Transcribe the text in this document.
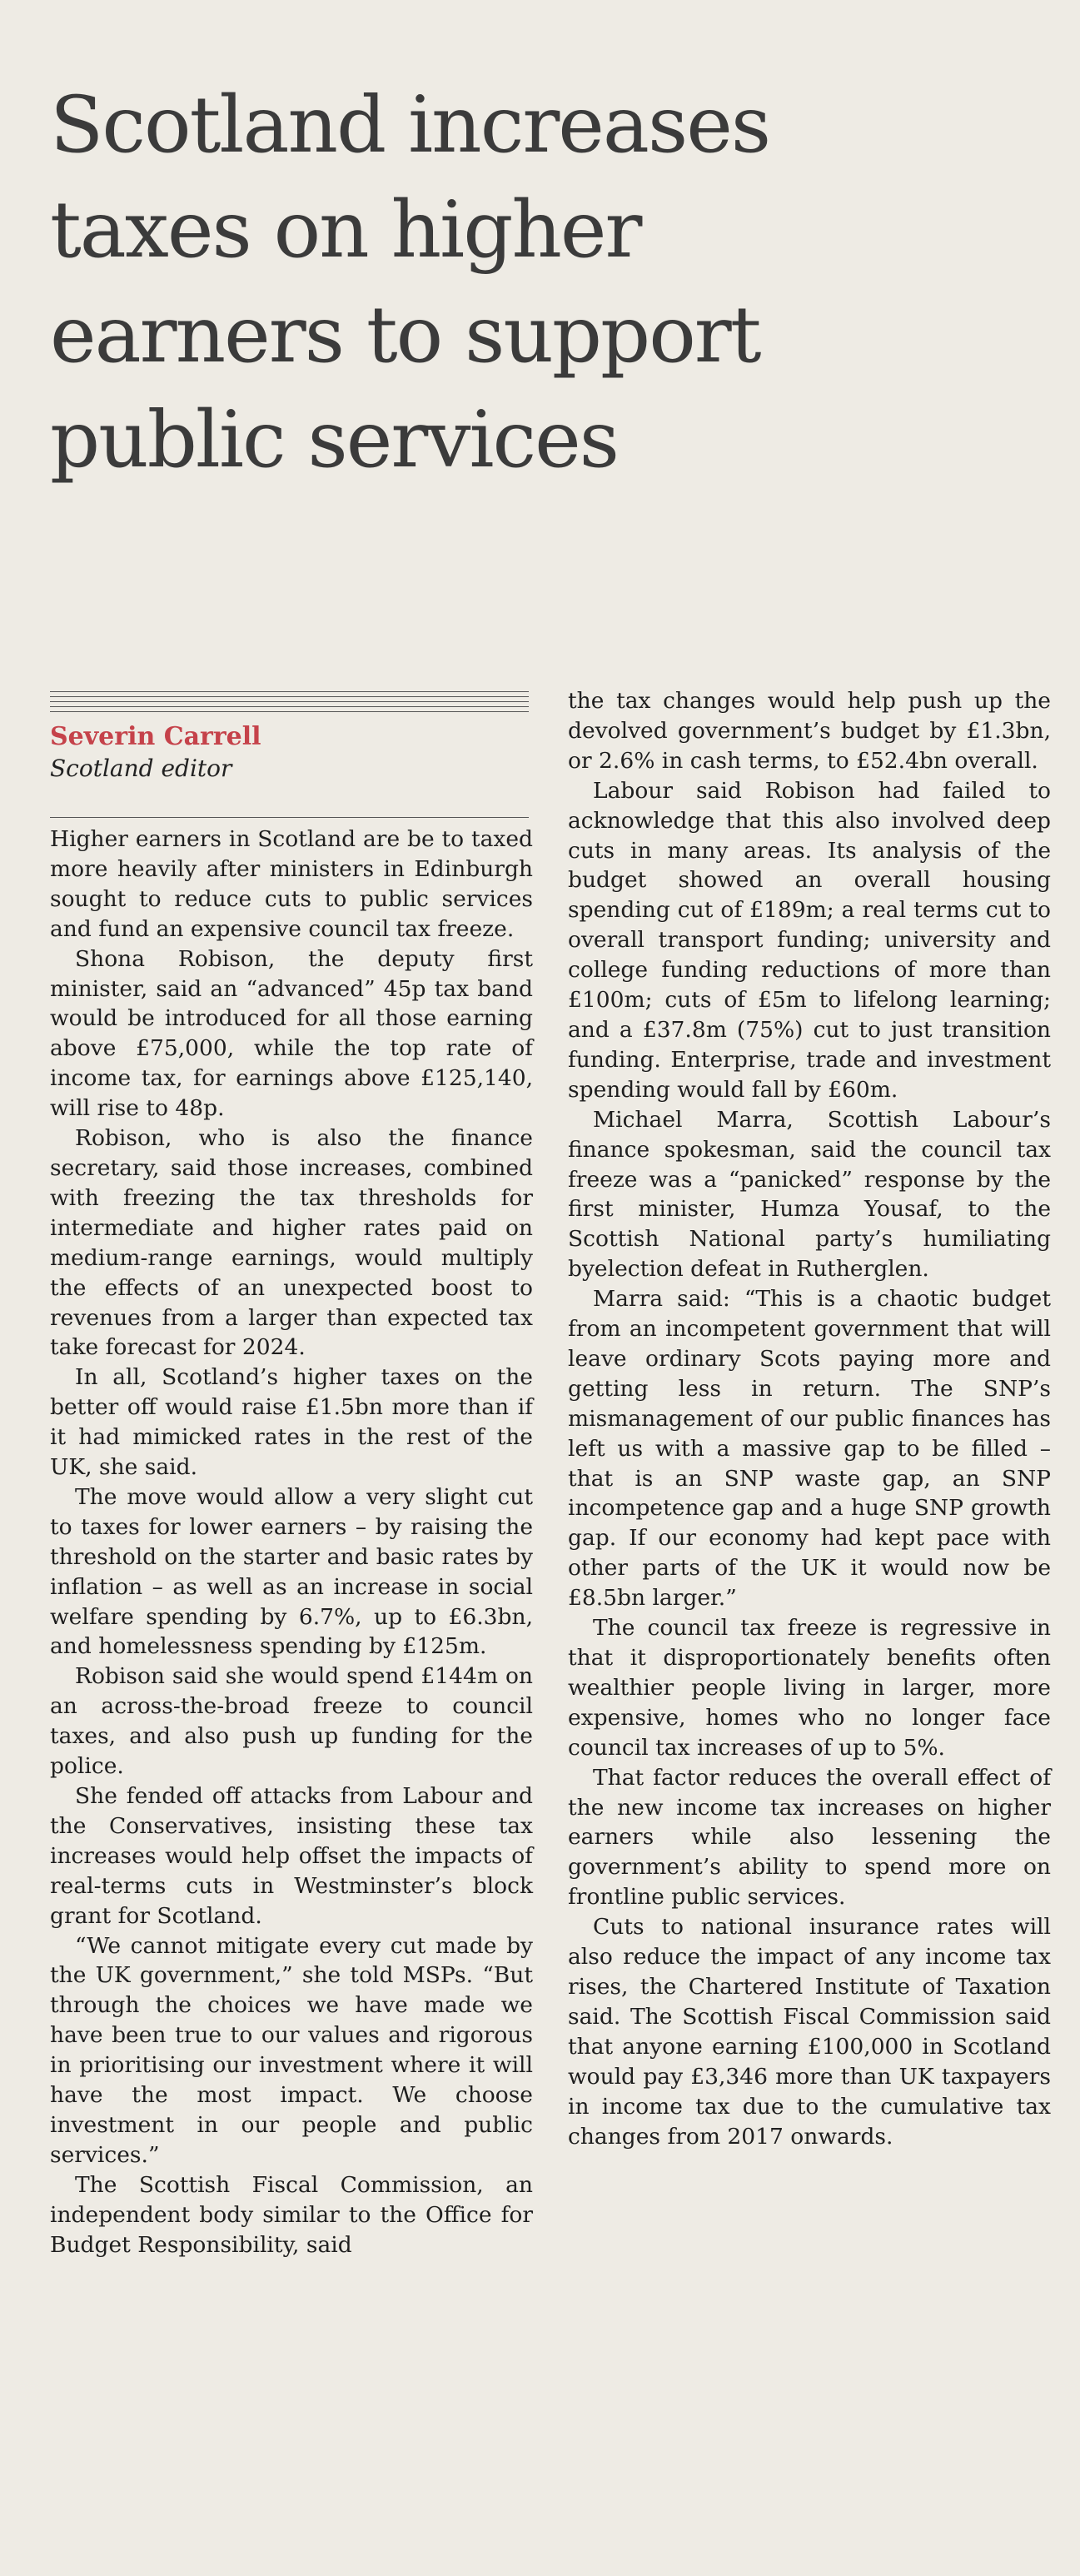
Scotland increases
taxes on higher
earners to support
public services
Severin Carrell
Scotland editor

Higher earners in Scotland are be to taxed more heavily after ministers in Edinburgh sought to reduce cuts to public services and fund an expensive council tax freeze.

Shona Robison, the deputy first minister, said an “advanced” 45p tax band would be introduced for all those earning above £75,000, while the top rate of income tax, for earnings above £125,140, will rise to 48p.

Robison, who is also the finance secretary, said those increases, combined with freezing the tax thresholds for intermediate and higher rates paid on medium-range earnings, would multiply the effects of an unexpected boost to revenues from a larger than expected tax take forecast for 2024.

In all, Scotland’s higher taxes on the better off would raise £1.5bn more than if it had mimicked rates in the rest of the UK, she said.

The move would allow a very slight cut to taxes for lower earners – by raising the threshold on the starter and basic rates by inflation – as well as an increase in social welfare spending by 6.7%, up to £6.3bn, and homelessness spending by £125m.

Robison said she would spend £144m on an across-the-broad freeze to council taxes, and also push up funding for the police.

She fended off attacks from Labour and the Conservatives, insisting these tax increases would help offset the impacts of real-terms cuts in Westminster’s block grant for Scotland.

“We cannot mitigate every cut made by the UK government,” she told MSPs. “But through the choices we have made we have been true to our values and rigorous in prioritising our investment where it will have the most impact. We choose investment in our people and public services.”

The Scottish Fiscal Commission, an independent body similar to the Office for Budget Responsibility, said

the tax changes would help push up the devolved government’s budget by £1.3bn, or 2.6% in cash terms, to £52.4bn overall.

Labour said Robison had failed to acknowledge that this also involved deep cuts in many areas. Its analysis of the budget showed an overall housing spending cut of £189m; a real terms cut to overall transport funding; university and college funding reductions of more than £100m; cuts of £5m to lifelong learning; and a £37.8m (75%) cut to just transition funding. Enterprise, trade and investment spending would fall by £60m.

Michael Marra, Scottish Labour’s finance spokesman, said the council tax freeze was a “panicked” response by the first minister, Humza Yousaf, to the Scottish National party’s humiliating byelection defeat in Rutherglen.

Marra said: “This is a chaotic budget from an incompetent government that will leave ordinary Scots paying more and getting less in return. The SNP’s mismanagement of our public finances has left us with a massive gap to be filled – that is an SNP waste gap, an SNP incompetence gap and a huge SNP growth gap. If our economy had kept pace with other parts of the UK it would now be £8.5bn larger.”

The council tax freeze is regressive in that it disproportionately benefits often wealthier people living in larger, more expensive, homes who no longer face council tax increases of up to 5%.

That factor reduces the overall effect of the new income tax increases on higher earners while also lessening the government’s ability to spend more on frontline public services.

Cuts to national insurance rates will also reduce the impact of any income tax rises, the Chartered Institute of Taxation said. The Scottish Fiscal Commission said that anyone earning £100,000 in Scotland would pay £3,346 more than UK taxpayers in income tax due to the cumulative tax changes from 2017 onwards.
